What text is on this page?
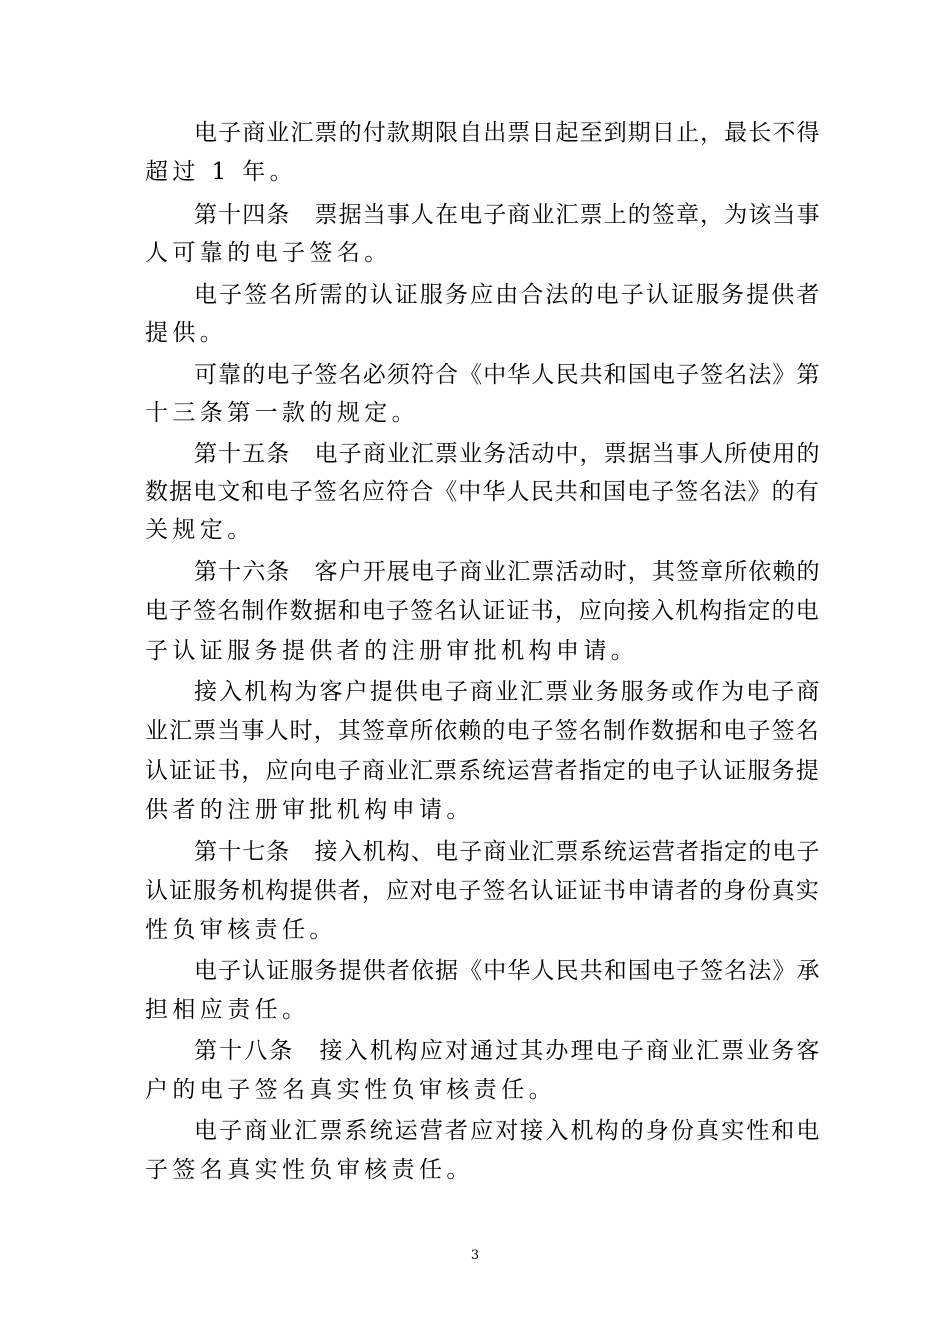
电子商业汇票的付款期限自出票日起至到期日止，最长不得
超过 1 年。
第十四条　票据当事人在电子商业汇票上的签章，为该当事
人可靠的电子签名。
电子签名所需的认证服务应由合法的电子认证服务提供者
提供。
可靠的电子签名必须符合《中华人民共和国电子签名法》第
十三条第一款的规定。
第十五条　电子商业汇票业务活动中，票据当事人所使用的
数据电文和电子签名应符合《中华人民共和国电子签名法》的有
关规定。
第十六条　客户开展电子商业汇票活动时，其签章所依赖的
电子签名制作数据和电子签名认证证书，应向接入机构指定的电
子认证服务提供者的注册审批机构申请。
接入机构为客户提供电子商业汇票业务服务或作为电子商
业汇票当事人时，其签章所依赖的电子签名制作数据和电子签名
认证证书，应向电子商业汇票系统运营者指定的电子认证服务提
供者的注册审批机构申请。
第十七条　接入机构、电子商业汇票系统运营者指定的电子
认证服务机构提供者，应对电子签名认证证书申请者的身份真实
性负审核责任。
电子认证服务提供者依据《中华人民共和国电子签名法》承
担相应责任。
第十八条　接入机构应对通过其办理电子商业汇票业务客
户的电子签名真实性负审核责任。
电子商业汇票系统运营者应对接入机构的身份真实性和电
子签名真实性负审核责任。
3
